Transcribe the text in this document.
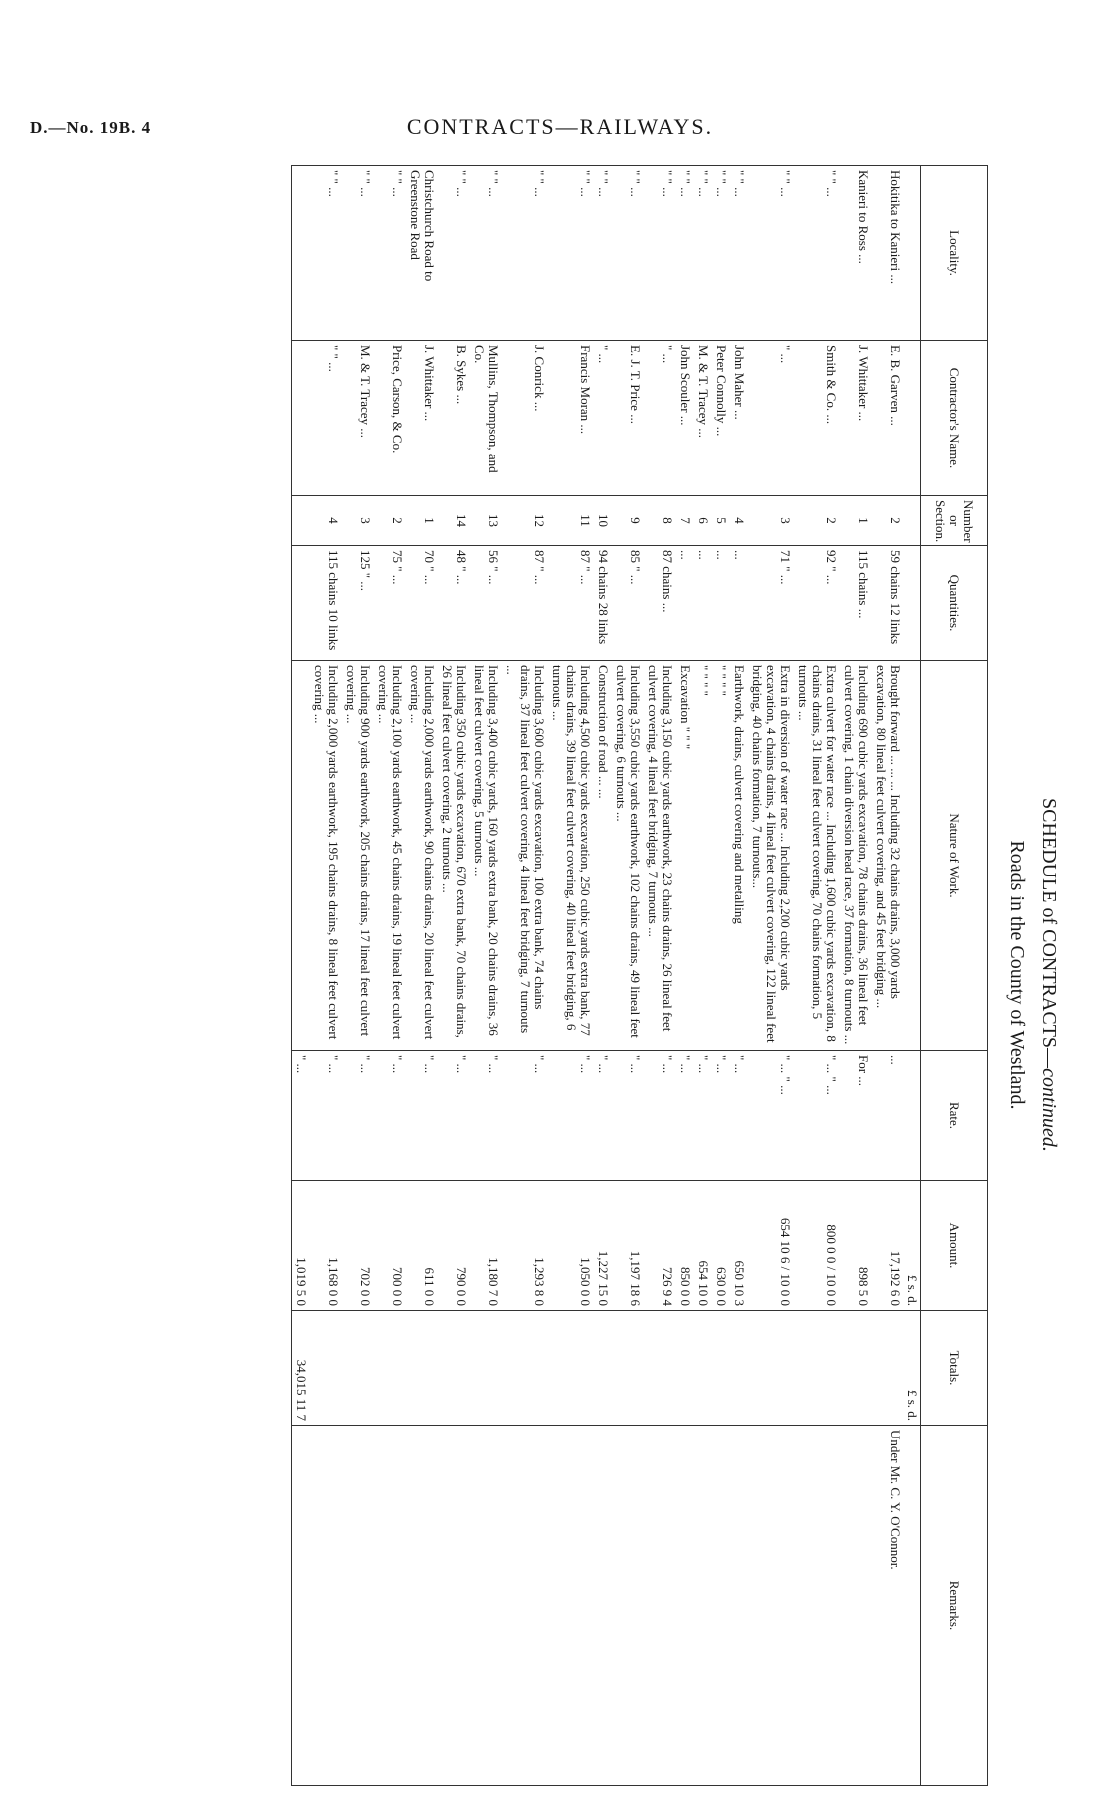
D.—No. 19B. 4	CONTRACTS—RAILWAYS.
SCHEDULE of CONTRACTS—continued.
Roads in the County of Westland.
Locality.	Contractor's Name.	Number or Section.	Quantities.	Nature of Work.	Rate.	Amount.	Totals.	Remarks.
						£ s. d.	£ s. d.	
Hokitika to Kanieri ...	E. B. Garven ...	2	59 chains 12 links	Brought forward ... ... ... Including 32 chains drains, 3,000 yards excavation, 80 lineal feet culvert covering, and 45 feet bridging ...	...	17,192 6 0		Under Mr. C. Y. O'Connor.
Kanieri to Ross ...	J. Whittaker ...	1	115 chains ...	Including 690 cubic yards excavation, 78 chains drains, 36 lineal feet culvert covering, 1 chain diversion head race, 37 formation, 8 turnouts ...	For ...	898 5 0		
" " ...	Smith & Co. ...	2	92 " ...	Extra culvert for water race ... Including 1,600 cubic yards excavation, 8 chains drains, 31 lineal feet culvert covering, 70 chains formation, 5 turnouts ...	" ... " ...	800 0 0 / 10 0 0		
" " ...	" ...	3	71 " ...	Extra in diversion of water race ... Including 2,200 cubic yards excavation, 4 chains drains, 4 lineal feet culvert covering, 122 lineal feet bridging, 40 chains formation, 7 turnouts...	" ... " ...	654 10 6 / 10 0 0		
" " ...	John Maher ...	4	...	Earthwork, drains, culvert covering and metalling	" ...	650 10 3		
" " ...	Peter Connolly ...	5	...	" " " "	" ...	630 0 0		
" " ...	M. & T. Tracey ...	6	...	" " " "	" ...	654 10 0		
" " ...	John Scouler ...	7	...	Excavation " " "	" ...	850 0 0		
" " ...	" ...	8	87 chains ...	Including 3,150 cubic yards earthwork, 23 chains drains, 26 lineal feet culvert covering, 4 lineal feet bridging, 7 turnouts ...	" ...	726 9 4		
" " ...	E. J. T. Price ...	9	85 " ...	Including 3,550 cubic yards earthwork, 102 chains drains, 49 lineal feet culvert covering, 6 turnouts ...	" ...	1,197 18 6		
" " ...	" ...	10	94 chains 28 links	Construction of road ... ...	" ...	1,227 15 0		
" " ...	Francis Moran ...	11	87 " ...	Including 4,500 cubic yards excavation, 250 cubic yards extra bank, 77 chains drains, 39 lineal feet culvert covering, 40 lineal feet bridging, 6 turnouts ...	" ...	1,050 0 0		
" " ...	J. Conrick ...	12	87 " ...	Including 3,600 cubic yards excavation, 100 extra bank, 74 chains drains, 37 lineal feet culvert covering, 4 lineal feet bridging, 7 turnouts ...	" ...	1,293 8 0		
" " ...	Mullins, Thompson, and Co.	13	56 " ...	Including 3,400 cubic yards, 160 yards extra bank, 20 chains drains, 36 lineal feet culvert covering, 5 turnouts ...	" ...	1,180 7 0		
" " ...	B. Sykes ...	14	48 " ...	Including 350 cubic yards excavation, 670 extra bank, 70 chains drains, 26 lineal feet culvert covering, 2 turnouts ...	" ...	790 0 0		
Christchurch Road to Greenstone Road	J. Whittaker ...	1	70 " ...	Including 2,000 yards earthwork, 90 chains drains, 20 lineal feet culvert covering ...	" ...	611 0 0		
" " ...	Price, Carson, & Co.	2	75 " ...	Including 2,100 yards earthwork, 45 chains drains, 19 lineal feet culvert covering ...	" ...	700 0 0		
" " ...	M. & T. Tracey ...	3	125 " ...	Including 900 yards earthwork, 205 chains drains, 17 lineal feet culvert covering ...	" ...	702 0 0		
" " ...	" " ...	4	115 chains 10 links	Including 2,000 yards earthwork, 195 chains drains, 8 lineal feet culvert covering ...	" ...	1,168 0 0		
					" ...	1,019 5 0	34,015 11 7	
